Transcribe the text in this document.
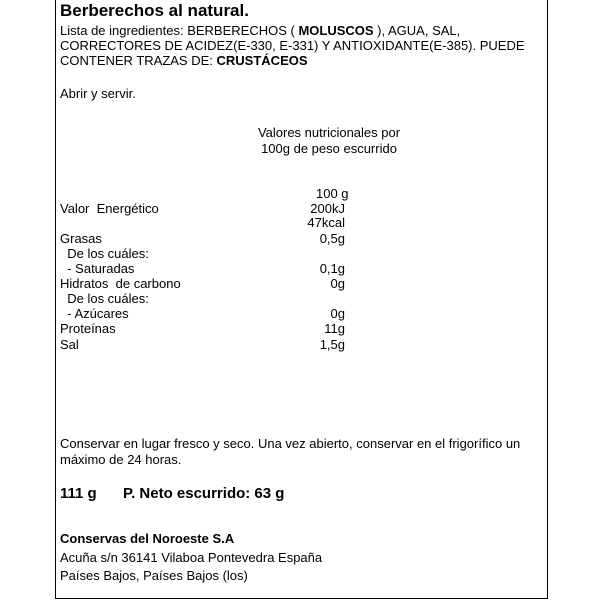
Berberechos al natural.
Lista de ingredientes: BERBERECHOS ( MOLUSCOS ), AGUA, SAL,
CORRECTORES DE ACIDEZ(E-330, E-331) Y ANTIOXIDANTE(E-385). PUEDE
CONTENER TRAZAS DE: CRUSTÁCEOS
Abrir y servir.
Valores nutricionales por
100g de peso escurrido
100 g
Valor  Energético	200kJ
47kcal
Grasas	0,5g
De los cuáles:
- Saturadas	0,1g
Hidratos  de carbono	0g
De los cuáles:
- Azúcares	0g
Proteínas	11g
Sal	1,5g
Conservar en lugar fresco y seco. Una vez abierto, conservar en el frigorífico un
máximo de 24 horas.
111 g P. Neto escurrido: 63 g
Conservas del Noroeste S.A
Acuña s/n 36141 Vilaboa Pontevedra España
Países Bajos, Países Bajos (los)
